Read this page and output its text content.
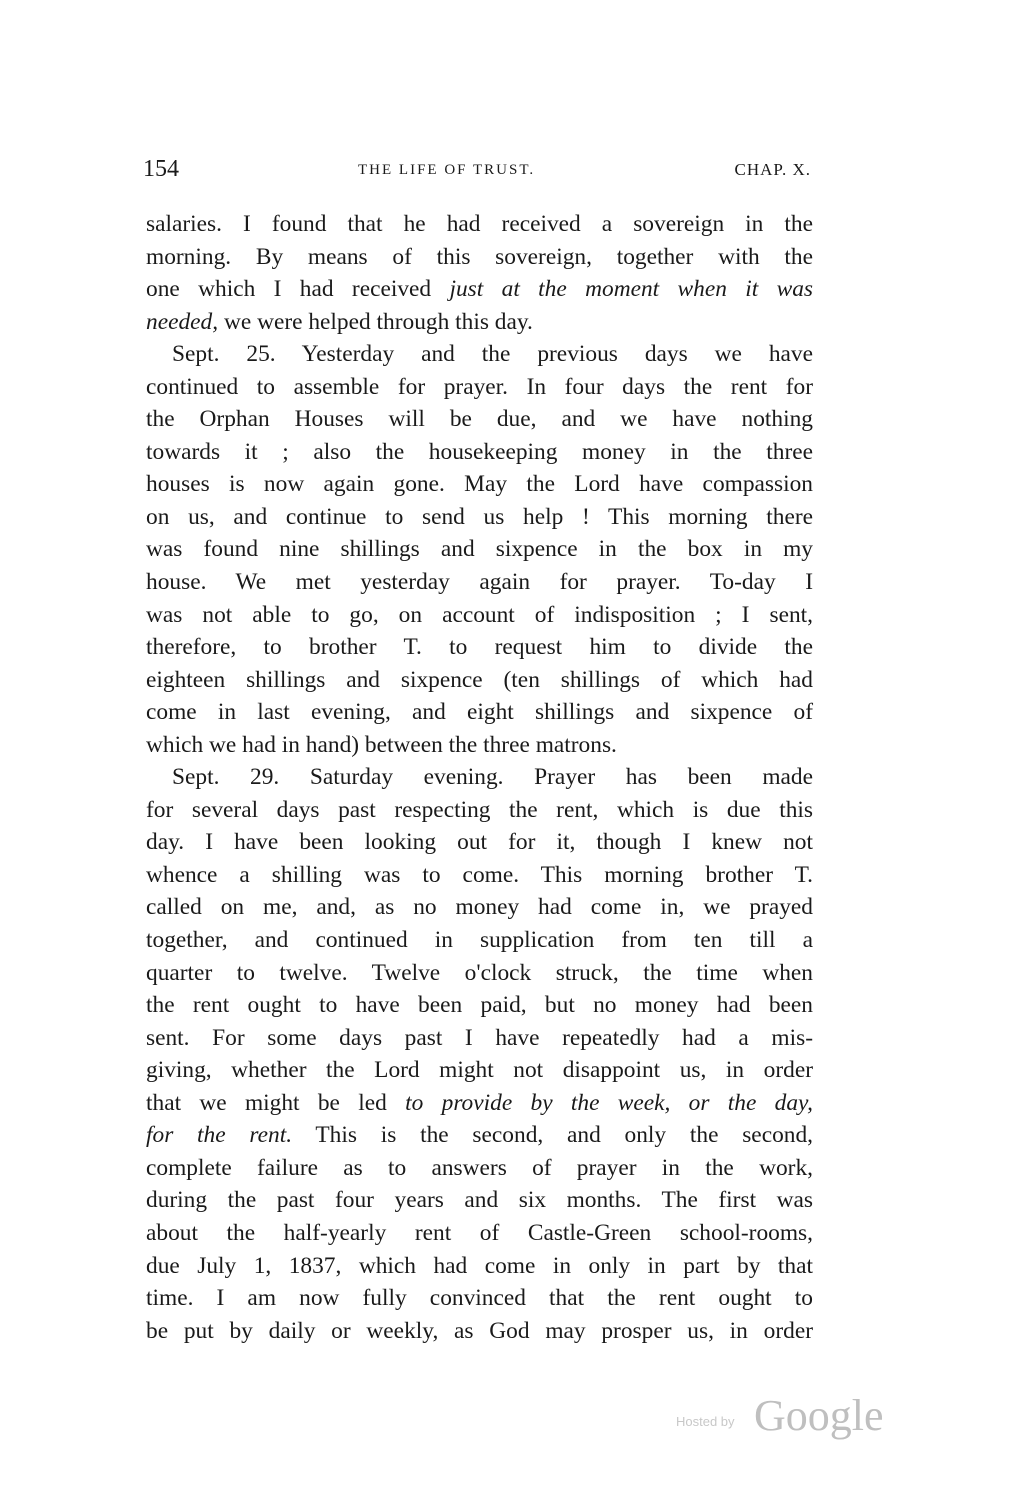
154	THE LIFE OF TRUST.	CHAP. X.
salaries. I found that he had received a sovereign in the
morning. By means of this sovereign, together with the
one which I had received just at the moment when it was
needed, we were helped through this day.
Sept. 25. Yesterday and the previous days we have
continued to assemble for prayer. In four days the rent for
the Orphan Houses will be due, and we have nothing
towards it ; also the housekeeping money in the three
houses is now again gone. May the Lord have compassion
on us, and continue to send us help ! This morning there
was found nine shillings and sixpence in the box in my
house. We met yesterday again for prayer. To-day I
was not able to go, on account of indisposition ; I sent,
therefore, to brother T. to request him to divide the
eighteen shillings and sixpence (ten shillings of which had
come in last evening, and eight shillings and sixpence of
which we had in hand) between the three matrons.
Sept. 29. Saturday evening. Prayer has been made
for several days past respecting the rent, which is due this
day. I have been looking out for it, though I knew not
whence a shilling was to come. This morning brother T.
called on me, and, as no money had come in, we prayed
together, and continued in supplication from ten till a
quarter to twelve. Twelve o'clock struck, the time when
the rent ought to have been paid, but no money had been
sent. For some days past I have repeatedly had a mis-
giving, whether the Lord might not disappoint us, in order
that we might be led to provide by the week, or the day,
for the rent. This is the second, and only the second,
complete failure as to answers of prayer in the work,
during the past four years and six months. The first was
about the half-yearly rent of Castle-Green school-rooms,
due July 1, 1837, which had come in only in part by that
time. I am now fully convinced that the rent ought to
be put by daily or weekly, as God may prosper us, in order
Hosted by Google
